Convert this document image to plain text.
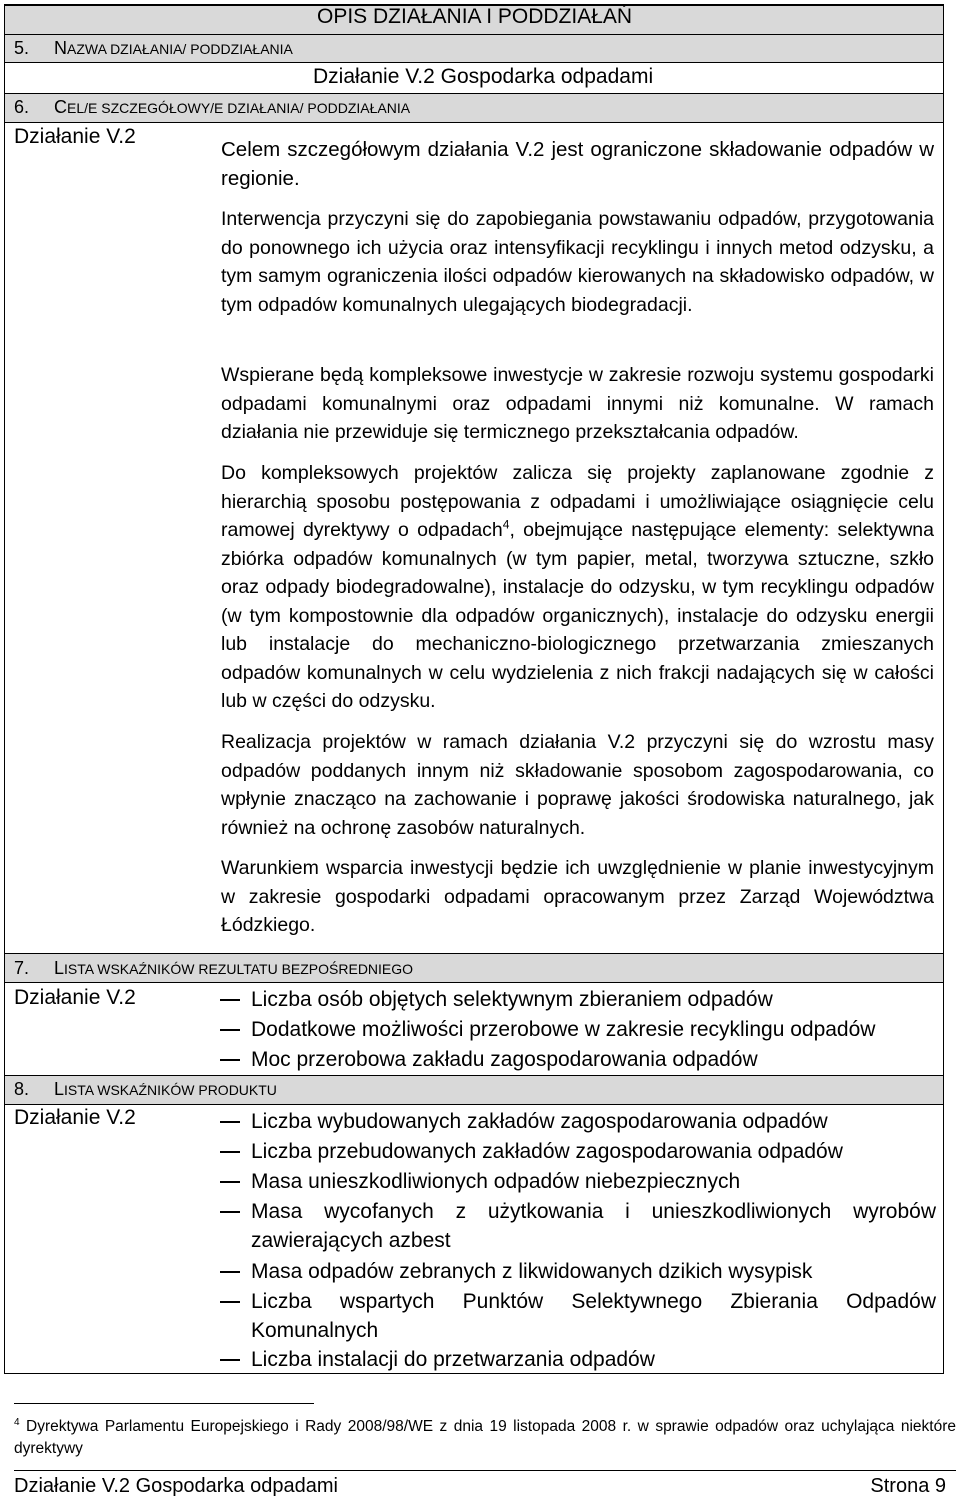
OPIS DZIAŁANIA I PODDZIAŁAŃ
5. NAZWA DZIAŁANIA/ PODDZIAŁANIA
Działanie V.2 Gospodarka odpadami
6. CEL/E SZCZEGÓŁOWY/E DZIAŁANIA/ PODDZIAŁANIA
Działanie V.2

Celem szczegółowym działania V.2 jest ograniczone składowanie odpadów w regionie.

Interwencja przyczyni się do zapobiegania powstawaniu odpadów, przygotowania do ponownego ich użycia oraz intensyfikacji recyklingu i innych metod odzysku, a tym samym ograniczenia ilości odpadów kierowanych na składowisko odpadów, w tym odpadów komunalnych ulegających biodegradacji.

Wspierane będą kompleksowe inwestycje w zakresie rozwoju systemu gospodarki odpadami komunalnymi oraz odpadami innymi niż komunalne. W ramach działania nie przewiduje się termicznego przekształcania odpadów.

Do kompleksowych projektów zalicza się projekty zaplanowane zgodnie z hierarchią sposobu postępowania z odpadami i umożliwiające osiągnięcie celu ramowej dyrektywy o odpadach$^4$, obejmujące następujące elementy: selektywna zbiórka odpadów komunalnych (w tym papier, metal, tworzywa sztuczne, szkło oraz odpady biodegradowalne), instalacje do odzysku, w tym recyklingu odpadów (w tym kompostownie dla odpadów organicznych), instalacje do odzysku energii lub instalacje do mechaniczno-biologicznego przetwarzania zmieszanych odpadów komunalnych w celu wydzielenia z nich frakcji nadających się w całości lub w części do odzysku.

Realizacja projektów w ramach działania V.2 przyczyni się do wzrostu masy odpadów poddanych innym niż składowanie sposobom zagospodarowania, co wpłynie znacząco na zachowanie i poprawę jakości środowiska naturalnego, jak również na ochronę zasobów naturalnych.

Warunkiem wsparcia inwestycji będzie ich uwzględnienie w planie inwestycyjnym w zakresie gospodarki odpadami opracowanym przez Zarząd Województwa Łódzkiego.

7. LISTA WSKAŹNIKÓW REZULTATU BEZPOŚREDNIEGO
Działanie V.2	Liczba osób objętych selektywnym zbieraniem odpadów
Dodatkowe możliwości przerobowe w zakresie recyklingu odpadów
Moc przerobowa zakładu zagospodarowania odpadów
8. LISTA WSKAŹNIKÓW PRODUKTU
Działanie V.2	Liczba wybudowanych zakładów zagospodarowania odpadów
Liczba przebudowanych zakładów zagospodarowania odpadów
Masa unieszkodliwionych odpadów niebezpiecznych
Masa wycofanych z użytkowania i unieszkodliwionych wyrobów zawierających azbest
Masa odpadów zebranych z likwidowanych dzikich wysypisk
Liczba wspartych Punktów Selektywnego Zbierania Odpadów Komunalnych
Liczba instalacji do przetwarzania odpadów
$^4$ Dyrektywa Parlamentu Europejskiego i Rady 2008/98/WE z dnia 19 listopada 2008 r. w sprawie odpadów oraz uchylająca niektóre dyrektywy
Działanie V.2 Gospodarka odpadami	Strona 9
